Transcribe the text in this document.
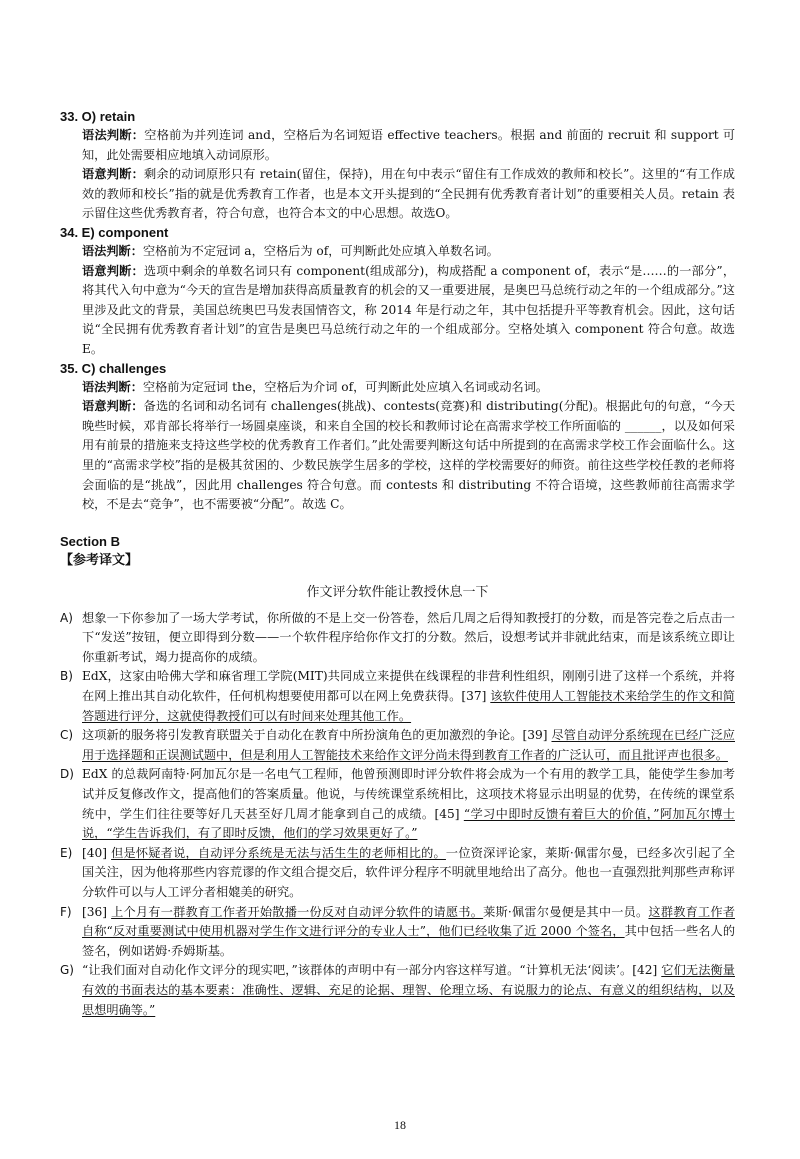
33. O) retain

语法判断：空格前为并列连词 and，空格后为名词短语 effective teachers。根据 and 前面的 recruit 和 support 可知，此处需要相应地填入动词原形。

语意判断：剩余的动词原形只有 retain(留住，保持)，用在句中表示“留住有工作成效的教师和校长”。这里的“有工作成效的教师和校长”指的就是优秀教育工作者，也是本文开头提到的“全民拥有优秀教育者计划”的重要相关人员。retain 表示留住这些优秀教育者，符合句意，也符合本文的中心思想。故选O。

34. E) component

语法判断：空格前为不定冠词 a，空格后为 of，可判断此处应填入单数名词。

语意判断：选项中剩余的单数名词只有 component(组成部分)，构成搭配 a component of，表示“是……的一部分”，将其代入句中意为“今天的宣告是增加获得高质量教育的机会的又一重要进展，是奥巴马总统行动之年的一个组成部分。”这里涉及此文的背景，美国总统奥巴马发表国情咨文，称 2014 年是行动之年，其中包括提升平等教育机会。因此，这句话说“全民拥有优秀教育者计划”的宣告是奥巴马总统行动之年的一个组成部分。空格处填入 component 符合句意。故选 E。

35. C) challenges

语法判断：空格前为定冠词 the，空格后为介词 of，可判断此处应填入名词或动名词。

语意判断：备选的名词和动名词有 challenges(挑战)、contests(竞赛)和 distributing(分配)。根据此句的句意，“今天晚些时候，邓肯部长将举行一场圆桌座谈，和来自全国的校长和教师讨论在高需求学校工作所面临的 ______，以及如何采用有前景的措施来支持这些学校的优秀教育工作者们。”此处需要判断这句话中所提到的在高需求学校工作会面临什么。这里的“高需求学校”指的是极其贫困的、少数民族学生居多的学校，这样的学校需要好的师资。前往这些学校任教的老师将会面临的是“挑战”，因此用 challenges 符合句意。而 contests 和 distributing 不符合语境，这些教师前往高需求学校，不是去“竞争”，也不需要被“分配”。故选 C。

Section B
【参考译文】
作文评分软件能让教授休息一下
A) 想象一下你参加了一场大学考试，你所做的不是上交一份答卷，然后几周之后得知教授打的分数，而是答完卷之后点击一下“发送”按钮，便立即得到分数——一个软件程序给你作文打的分数。然后，设想考试并非就此结束，而是该系统立即让你重新考试，竭力提高你的成绩。
B) EdX，这家由哈佛大学和麻省理工学院(MIT)共同成立来提供在线课程的非营利性组织，刚刚引进了这样一个系统，并将在网上推出其自动化软件，任何机构想要使用都可以在网上免费获得。[37] 该软件使用人工智能技术来给学生的作文和简答题进行评分，这就使得教授们可以有时间来处理其他工作。
C) 这项新的服务将引发教育联盟关于自动化在教育中所扮演角色的更加激烈的争论。[39] 尽管自动评分系统现在已经广泛应用于选择题和正误测试题中，但是利用人工智能技术来给作文评分尚未得到教育工作者的广泛认可，而且批评声也很多。
D) EdX 的总裁阿南特·阿加瓦尔是一名电气工程师，他曾预测即时评分软件将会成为一个有用的教学工具，能使学生参加考试并反复修改作文，提高他们的答案质量。他说，与传统课堂系统相比，这项技术将显示出明显的优势，在传统的课堂系统中，学生们往往要等好几天甚至好几周才能拿到自己的成绩。[45] “学习中即时反馈有着巨大的价值，”阿加瓦尔博士说，“学生告诉我们，有了即时反馈，他们的学习效果更好了。”
E) [40] 但是怀疑者说，自动评分系统是无法与活生生的老师相比的。一位资深评论家，莱斯·佩雷尔曼，已经多次引起了全国关注，因为他将那些内容荒谬的作文组合提交后，软件评分程序不明就里地给出了高分。他也一直强烈批判那些声称评分软件可以与人工评分者相媲美的研究。
F) [36] 上个月有一群教育工作者开始散播一份反对自动评分软件的请愿书。莱斯·佩雷尔曼便是其中一员。这群教育工作者自称“反对重要测试中使用机器对学生作文进行评分的专业人士”，他们已经收集了近 2000 个签名，其中包括一些名人的签名，例如诺姆·乔姆斯基。
G) “让我们面对自动化作文评分的现实吧，”该群体的声明中有一部分内容这样写道。“计算机无法‘阅读’。[42] 它们无法衡量有效的书面表达的基本要素：准确性、逻辑、充足的论据、理智、伦理立场、有说服力的论点、有意义的组织结构，以及思想明确等。”
18
